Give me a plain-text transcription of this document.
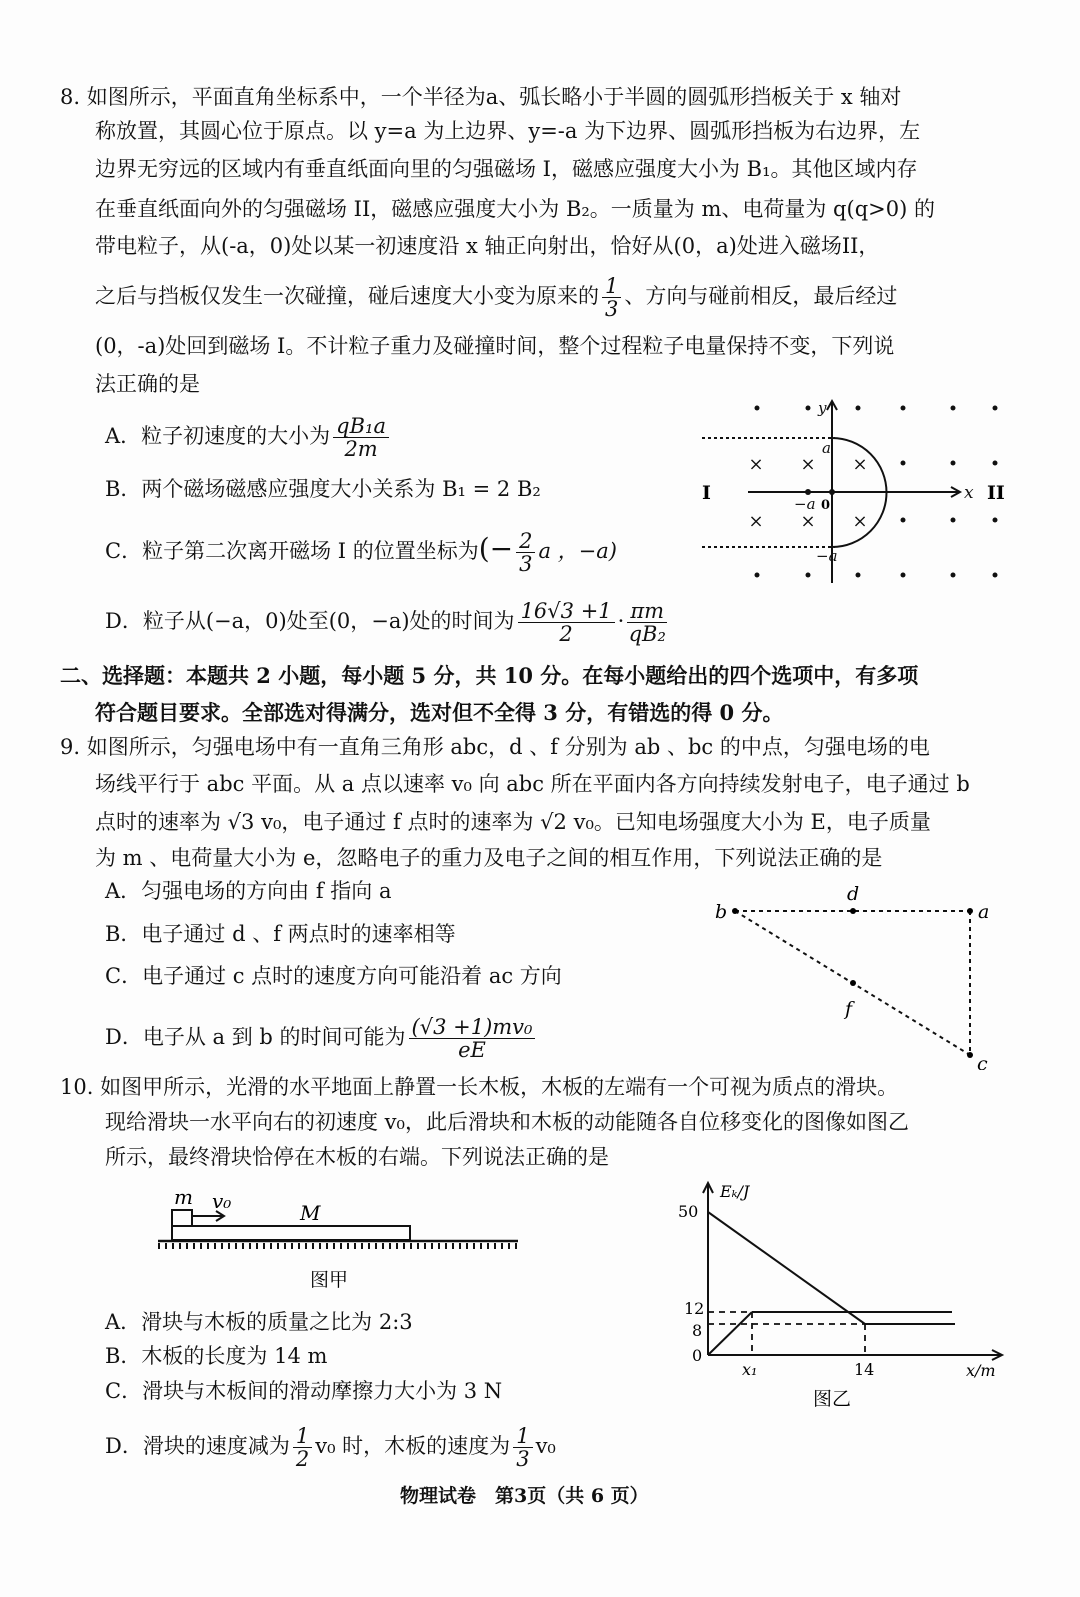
8. 如图所示，平面直角坐标系中，一个半径为a、弧长略小于半圆的圆弧形挡板关于 x 轴对
称放置，其圆心位于原点。以 y=a 为上边界、y=-a 为下边界、圆弧形挡板为右边界，左
边界无穷远的区域内有垂直纸面向里的匀强磁场 I，磁感应强度大小为 B₁。其他区域内存
在垂直纸面向外的匀强磁场 II，磁感应强度大小为 B₂。一质量为 m、电荷量为 q(q>0) 的
带电粒子，从(-a，0)处以某一初速度沿 x 轴正向射出，恰好从(0，a)处进入磁场II，
之后与挡板仅发生一次碰撞，碰后速度大小变为原来的 $\frac{1}{3}$ 、方向与碰前相反，最后经过
(0，-a)处回到磁场 I。不计粒子重力及碰撞时间，整个过程粒子电量保持不变，下列说
法正确的是
A．粒子初速度的大小为 $\frac{\text{qB₁a}}{2m}$
B．两个磁场磁感应强度大小关系为 B₁ = 2 B₂
C．粒子第二次离开磁场 I 的位置坐标为(− $\frac{2}{3}$ a ，−a)
D．粒子从(−a，0)处至(0，−a)处的时间为 $\frac{16√3 +1}{2} \cdot \frac{\pi m}{\text{qB₂}}$
× × ×
× × ×
y
x
a
−a
−a 0
I	II
二、选择题：本题共 2 小题，每小题 5 分，共 10 分。在每小题给出的四个选项中，有多项
符合题目要求。全部选对得满分，选对但不全得 3 分，有错选的得 0 分。
9. 如图所示，匀强电场中有一直角三角形 abc，d 、f 分别为 ab 、bc 的中点，匀强电场的电
场线平行于 abc 平面。从 a 点以速率 v₀ 向 abc 所在平面内各方向持续发射电子，电子通过 b
点时的速率为 √3 v₀，电子通过 f 点时的速率为 √2 v₀。已知电场强度大小为 E，电子质量
为 m 、电荷量大小为 e，忽略电子的重力及电子之间的相互作用，下列说法正确的是
A．匀强电场的方向由 f 指向 a
B．电子通过 d 、f 两点时的速率相等
C．电子通过 c 点时的速度方向可能沿着 ac 方向
D．电子从 a 到 b 的时间可能为 $\frac{\text{(√3 +1)mv₀}}{eE}$
b
d
a
f
c
10. 如图甲所示，光滑的水平地面上静置一长木板，木板的左端有一个可视为质点的滑块。
现给滑块一水平向右的初速度 v₀，此后滑块和木板的动能随各自位移变化的图像如图乙
所示，最终滑块恰停在木板的右端。下列说法正确的是
m v₀	M
图甲
Eₖ/J
50
12
8
0
x₁	14	x/m
图乙
A．滑块与木板的质量之比为 2:3
B．木板的长度为 14 m
C．滑块与木板间的滑动摩擦力大小为 3 N
D．滑块的速度减为 $\frac{1}{2} v_0$ 时，木板的速度为 $\frac{1}{3} v_0$
物理试卷　第3页（共 6 页）
